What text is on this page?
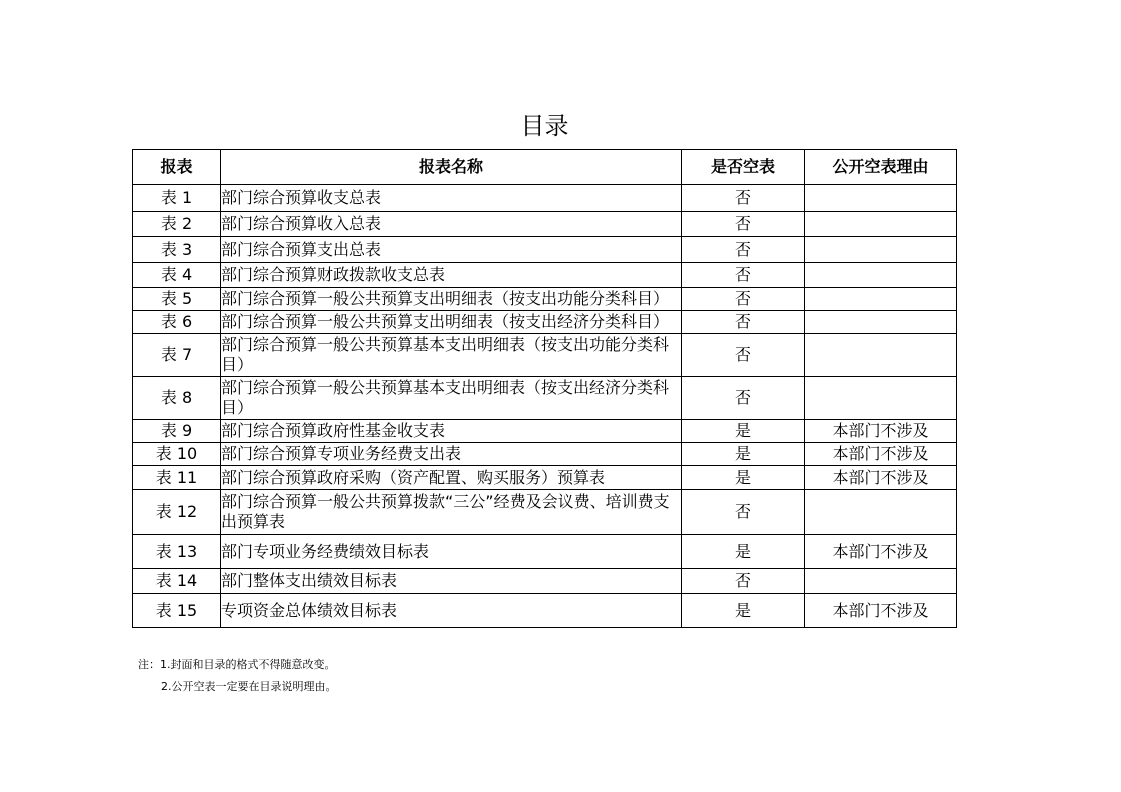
目录
报表	报表名称	是否空表	公开空表理由
表 1	部门综合预算收支总表	否	
表 2	部门综合预算收入总表	否	
表 3	部门综合预算支出总表	否	
表 4	部门综合预算财政拨款收支总表	否	
表 5	部门综合预算一般公共预算支出明细表（按支出功能分类科目）	否	
表 6	部门综合预算一般公共预算支出明细表（按支出经济分类科目）	否	
表 7	部门综合预算一般公共预算基本支出明细表（按支出功能分类科目）	否	
表 8	部门综合预算一般公共预算基本支出明细表（按支出经济分类科目）	否	
表 9	部门综合预算政府性基金收支表	是	本部门不涉及
表 10	部门综合预算专项业务经费支出表	是	本部门不涉及
表 11	部门综合预算政府采购（资产配置、购买服务）预算表	是	本部门不涉及
表 12	部门综合预算一般公共预算拨款“三公”经费及会议费、培训费支出预算表	否	
表 13	部门专项业务经费绩效目标表	是	本部门不涉及
表 14	部门整体支出绩效目标表	否	
表 15	专项资金总体绩效目标表	是	本部门不涉及
注：1.封面和目录的格式不得随意改变。
2.公开空表一定要在目录说明理由。
